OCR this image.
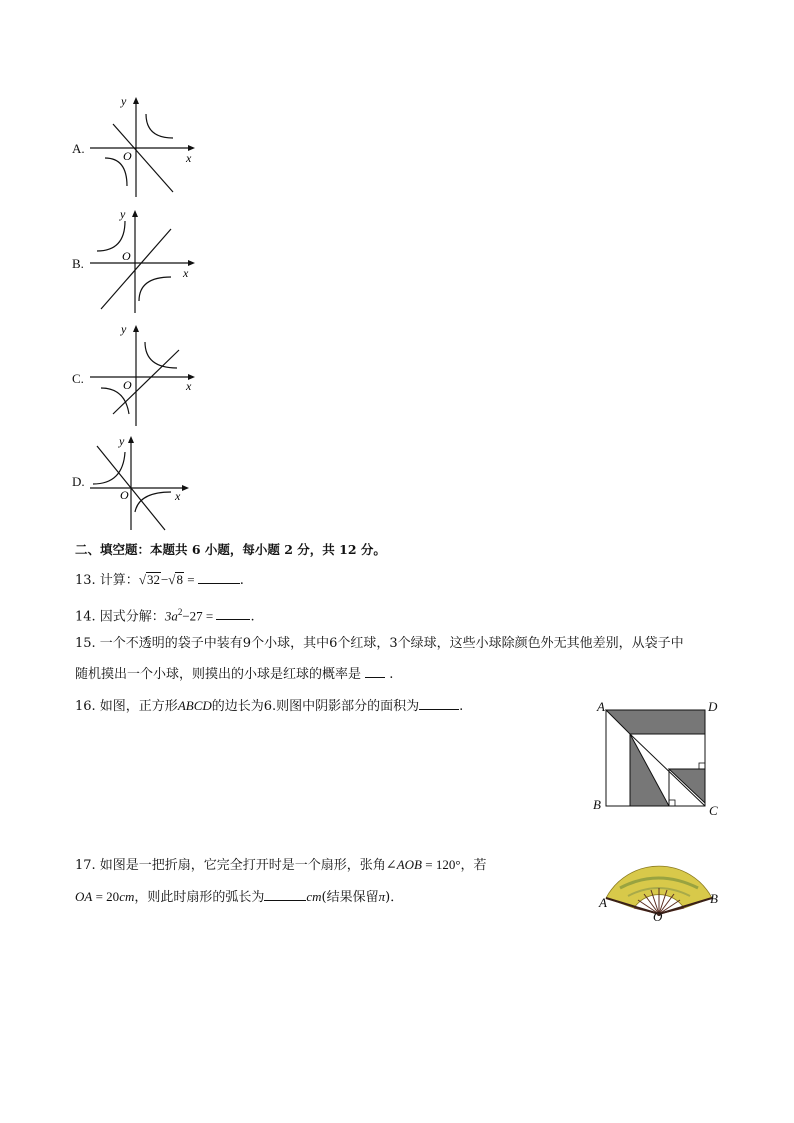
A.
y
x
O
B.
y
x
O
C.
y
x
O
D.
y
x
O
二、填空题：本题共 6 小题，每小题 2 分，共 12 分。
13. 计算：√32−√8 =	.
14. 因式分解：$3a^2-27$ =	.
15. 一个不透明的袋子中装有9个小球，其中6个红球，3个绿球，这些小球除颜色外无其他差别，从袋子中
随机摸出一个小球，则摸出的小球是红球的概率是 .
16. 如图，正方形ABCD的边长为6.则图中阴影部分的面积为	.	A	D
B	C
17. 如图是一把折扇，它完全打开时是一个扇形，张角∠AOB = 120°，若
OA = 20cm，则此时扇形的弧长为	cm(结果保留π)．	A
O
B
